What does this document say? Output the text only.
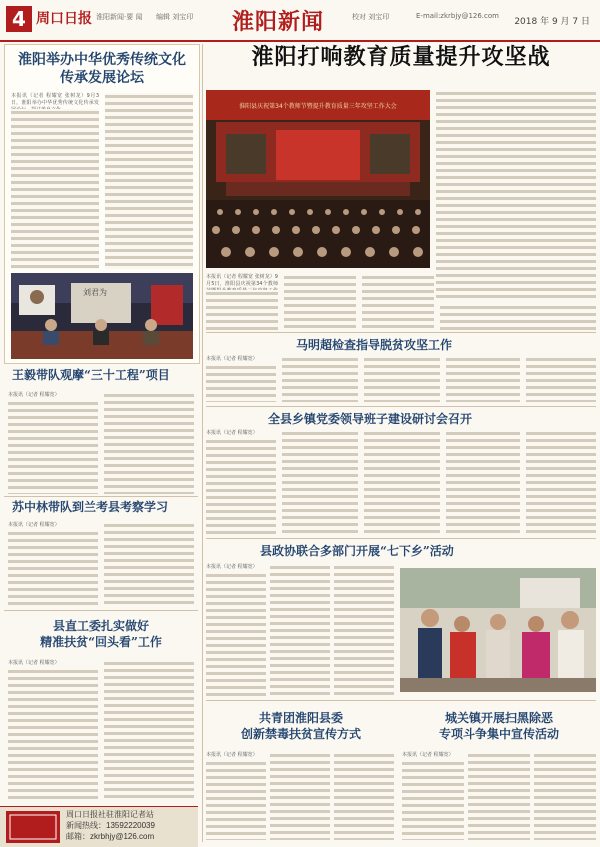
4 周口日报 淮阳新闻·要 闻 编辑 刘宝印 淮阳新闻	校对 刘宝印	E-mail:zkrbjy@126.com
2018 年 9 月 7 日
淮阳举办中华优秀传统文化
传承发展论坛
本报讯（记者 程耀宽 张树龙）9月3日，淮阳举办中华优秀传统文化传承发
刘君为
王毅带队观摩“三十工程”项目
本报讯（记者 程耀宽）
苏中林带队到兰考县考察学习
本报讯（记者 程耀宽）
县直工委扎实做好
精准扶贫“回头看”工作
本报讯（记者 程耀宽）
周口日报社驻淮阳记者站
新闻热线：13592220039
邮箱：zkrbhjy@126.com
淮阳打响教育质量提升攻坚战
淮阳县庆祝第34个教师节暨提升教育质量三年攻坚工作大会
本报讯（记者 程耀宽 张树龙）9月5日，淮阳县庆祝第34个教师
马明超检查指导脱贫攻坚工作
本报讯（记者 程耀宽）
全县乡镇党委领导班子建设研讨会召开
本报讯（记者 程耀宽）
县政协联合多部门开展“七下乡”活动
本报讯（记者 程耀宽）
共青团淮阳县委
创新禁毒扶贫宣传方式
本报讯（记者 程耀宽）
城关镇开展扫黑除恶
专项斗争集中宣传活动
本报讯（记者 程耀宽）
